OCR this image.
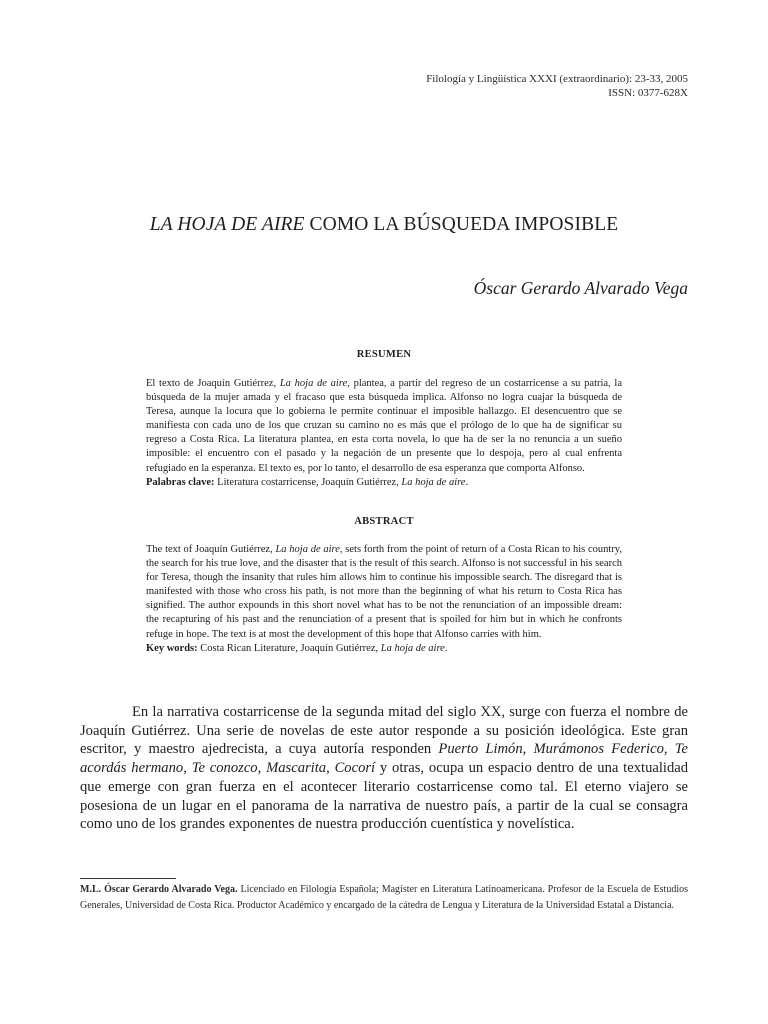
Filología y Lingüística XXXI (extraordinario): 23-33, 2005
ISSN: 0377-628X
LA HOJA DE AIRE COMO LA BÚSQUEDA IMPOSIBLE
Óscar Gerardo Alvarado Vega
RESUMEN

El texto de Joaquín Gutiérrez, La hoja de aire, plantea, a partir del regreso de un costarricense a su patria, la búsqueda de la mujer amada y el fracaso que esta búsqueda implica. Alfonso no logra cuajar la búsqueda de Teresa, aunque la locura que lo gobierna le permite continuar el imposible hallazgo. El desencuentro que se manifiesta con cada uno de los que cruzan su camino no es más que el prólogo de lo que ha de significar su regreso a Costa Rica. La literatura plantea, en esta corta novela, lo que ha de ser la no renuncia a un sueño imposible: el encuentro con el pasado y la negación de un presente que lo despoja, pero al cual enfrenta refugiado en la esperanza. El texto es, por lo tanto, el desarrollo de esa esperanza que comporta Alfonso.

Palabras clave: Literatura costarricense, Joaquín Gutiérrez, La hoja de aire.

ABSTRACT

The text of Joaquín Gutiérrez, La hoja de aire, sets forth from the point of return of a Costa Rican to his country, the search for his true love, and the disaster that is the result of this search. Alfonso is not successful in his search for Teresa, though the insanity that rules him allows him to continue his impossible search. The disregard that is manifested with those who cross his path, is not more than the beginning of what his return to Costa Rica has signified. The author expounds in this short novel what has to be not the renunciation of an impossible dream: the recapturing of his past and the renunciation of a present that is spoiled for him but in which he confronts refuge in hope. The text is at most the development of this hope that Alfonso carries with him.

Key words: Costa Rican Literature, Joaquín Gutiérrez, La hoja de aire.

En la narrativa costarricense de la segunda mitad del siglo XX, surge con fuerza el nombre de Joaquín Gutiérrez. Una serie de novelas de este autor responde a su posición ideológica. Este gran escritor, y maestro ajedrecista, a cuya autoría responden Puerto Limón, Murámonos Federico, Te acordás hermano, Te conozco, Mascarita, Cocorí y otras, ocupa un espacio dentro de una textualidad que emerge con gran fuerza en el acontecer literario costarricense como tal. El eterno viajero se posesiona de un lugar en el panorama de la narrativa de nuestro país, a partir de la cual se consagra como uno de los grandes exponentes de nuestra producción cuentística y novelística.

M.L. Óscar Gerardo Alvarado Vega. Licenciado en Filología Española; Magíster en Literatura Latinoamericana. Profesor de la Escuela de Estudios Generales, Universidad de Costa Rica. Productor Académico y encargado de la cátedra de Lengua y Literatura de la Universidad Estatal a Distancia.
